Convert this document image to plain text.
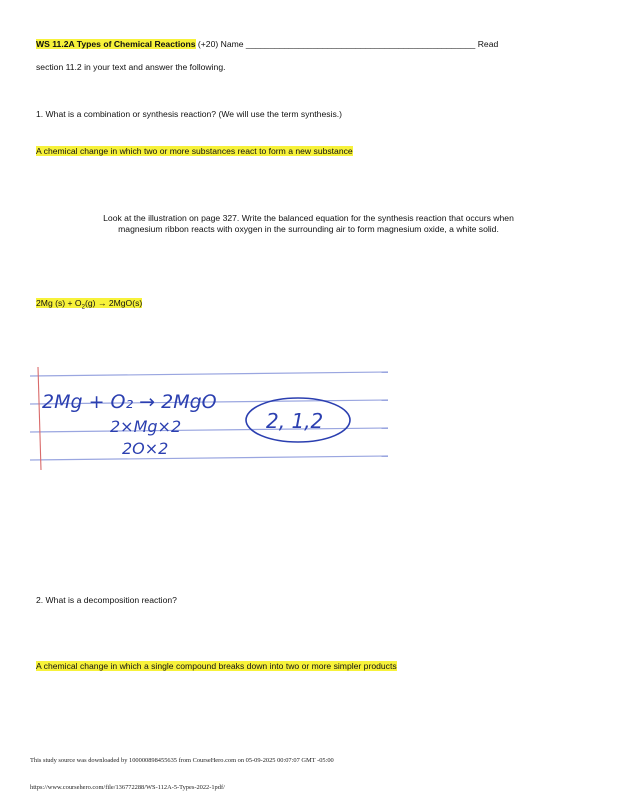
WS 11.2A Types of Chemical Reactions (+20) Name ________________________________________________ Read
section 11.2 in your text and answer the following.
1. What is a combination or synthesis reaction? (We will use the term synthesis.)
A chemical change in which two or more substances react to form a new substance
Look at the illustration on page 327. Write the balanced equation for the synthesis reaction that occurs when
magnesium ribbon reacts with oxygen in the surrounding air to form magnesium oxide, a white solid.
2Mg $(s) + O_2(g) \to 2MgO(s)$
2Mg + O₂ → 2MgO
2×Mg×2
2O×2
2, 1,2
2. What is a decomposition reaction?
A chemical change in which a single compound breaks down into two or more simpler products
This study source was downloaded by 100000898455635 from CourseHero.com on 05-09-2025 00:07:07 GMT -05:00
https://www.coursehero.com/file/136772288/WS-112A-5-Types-2022-1pdf/
